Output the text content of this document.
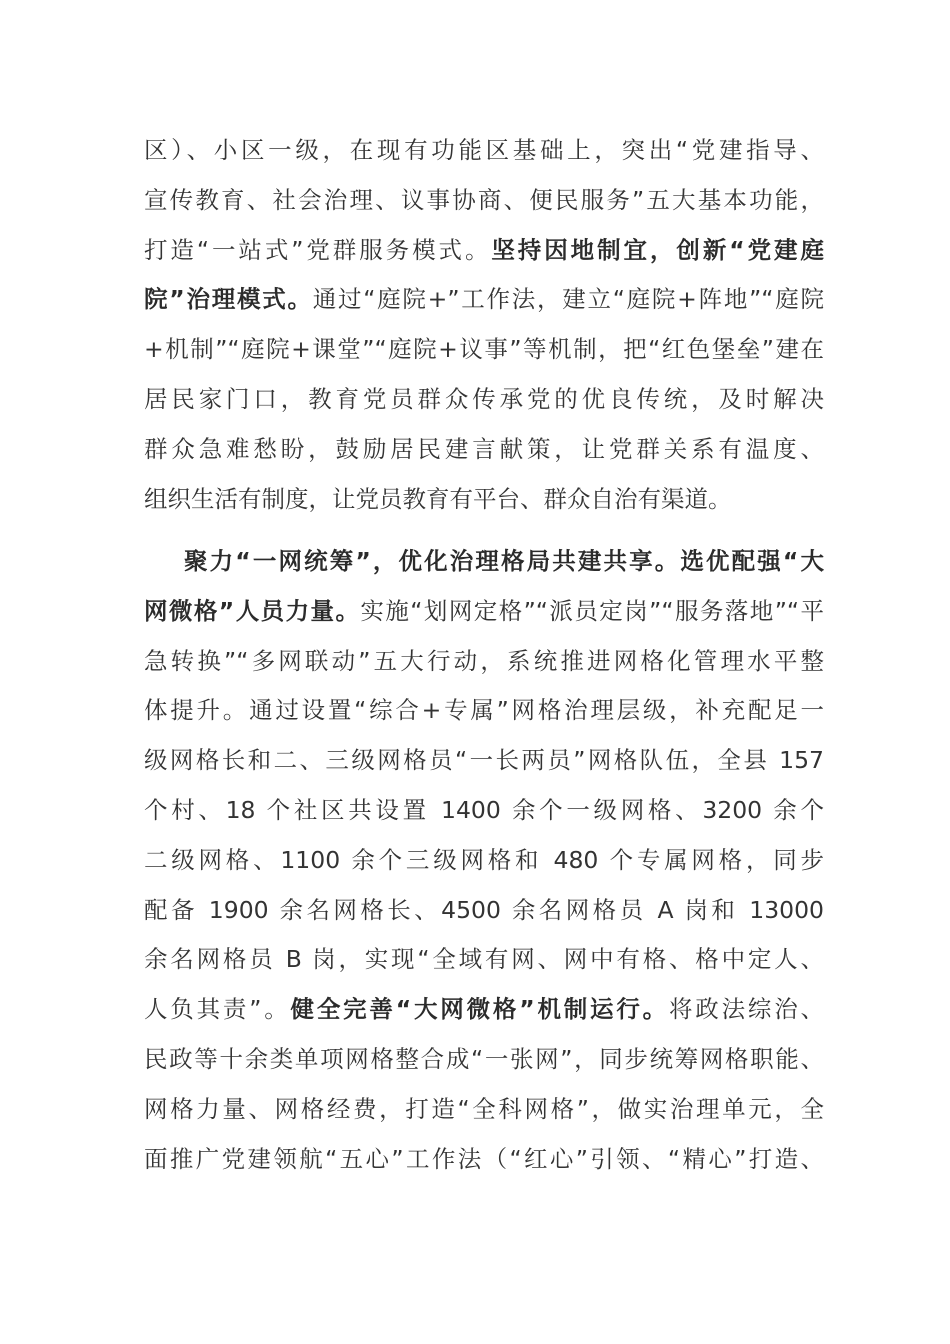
区）、小区一级，在现有功能区基础上，突出“党建指导、
宣传教育、社会治理、议事协商、便民服务”五大基本功能，
打造“一站式”党群服务模式。坚持因地制宜，创新“党建庭
院”治理模式。通过“庭院+”工作法，建立“庭院+阵地”“庭院
+机制”“庭院+课堂”“庭院+议事”等机制，把“红色堡垒”建在
居民家门口，教育党员群众传承党的优良传统，及时解决
群众急难愁盼，鼓励居民建言献策，让党群关系有温度、
组织生活有制度，让党员教育有平台、群众自治有渠道。
聚力“一网统筹”，优化治理格局共建共享。选优配强“大
网微格”人员力量。实施“划网定格”“派员定岗”“服务落地”“平
急转换”“多网联动”五大行动，系统推进网格化管理水平整
体提升。通过设置“综合+专属”网格治理层级，补充配足一
级网格长和二、三级网格员“一长两员”网格队伍，全县 157
个村、18 个社区共设置 1400 余个一级网格、3200 余个
二级网格、1100 余个三级网格和 480 个专属网格，同步
配备 1900 余名网格长、4500 余名网格员 A 岗和 13000
余名网格员 B 岗，实现“全域有网、网中有格、格中定人、
人负其责”。健全完善“大网微格”机制运行。将政法综治、
民政等十余类单项网格整合成“一张网”，同步统筹网格职能、
网格力量、网格经费，打造“全科网格”，做实治理单元，全
面推广党建领航“五心”工作法（“红心”引领、“精心”打造、
